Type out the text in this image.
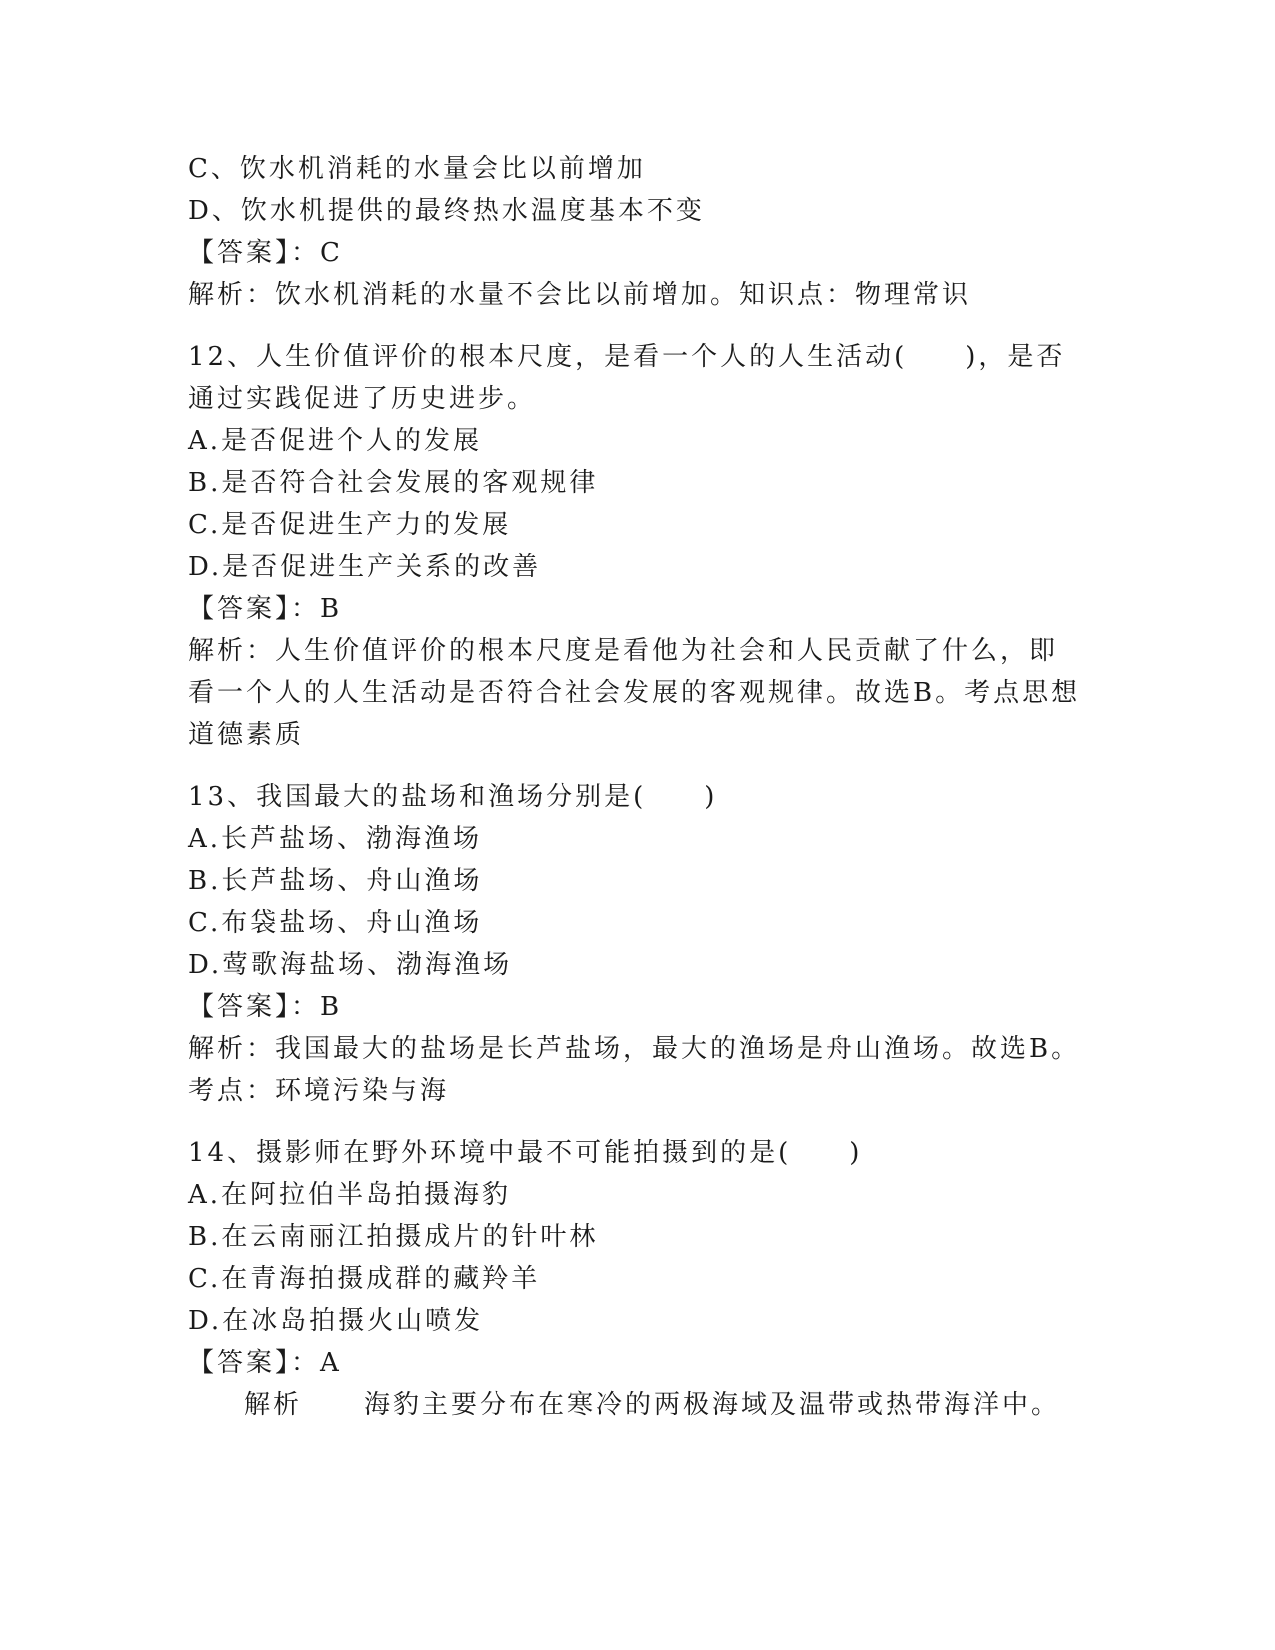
C、饮水机消耗的水量会比以前增加
D、饮水机提供的最终热水温度基本不变
【答案】：C
解析：饮水机消耗的水量不会比以前增加。知识点：物理常识
12、人生价值评价的根本尺度，是看一个人的人生活动(　　)，是否
通过实践促进了历史进步。
A.是否促进个人的发展
B.是否符合社会发展的客观规律
C.是否促进生产力的发展
D.是否促进生产关系的改善
【答案】：B
解析：人生价值评价的根本尺度是看他为社会和人民贡献了什么，即
看一个人的人生活动是否符合社会发展的客观规律。故选B。考点思想
道德素质
13、我国最大的盐场和渔场分别是(　　)
A.长芦盐场、渤海渔场
B.长芦盐场、舟山渔场
C.布袋盐场、舟山渔场
D.莺歌海盐场、渤海渔场
【答案】：B
解析：我国最大的盐场是长芦盐场，最大的渔场是舟山渔场。故选B。
考点：环境污染与海
14、摄影师在野外环境中最不可能拍摄到的是(　　)
A.在阿拉伯半岛拍摄海豹
B.在云南丽江拍摄成片的针叶林
C.在青海拍摄成群的藏羚羊
D.在冰岛拍摄火山喷发
【答案】：A
解析 海豹主要分布在寒冷的两极海域及温带或热带海洋中。
